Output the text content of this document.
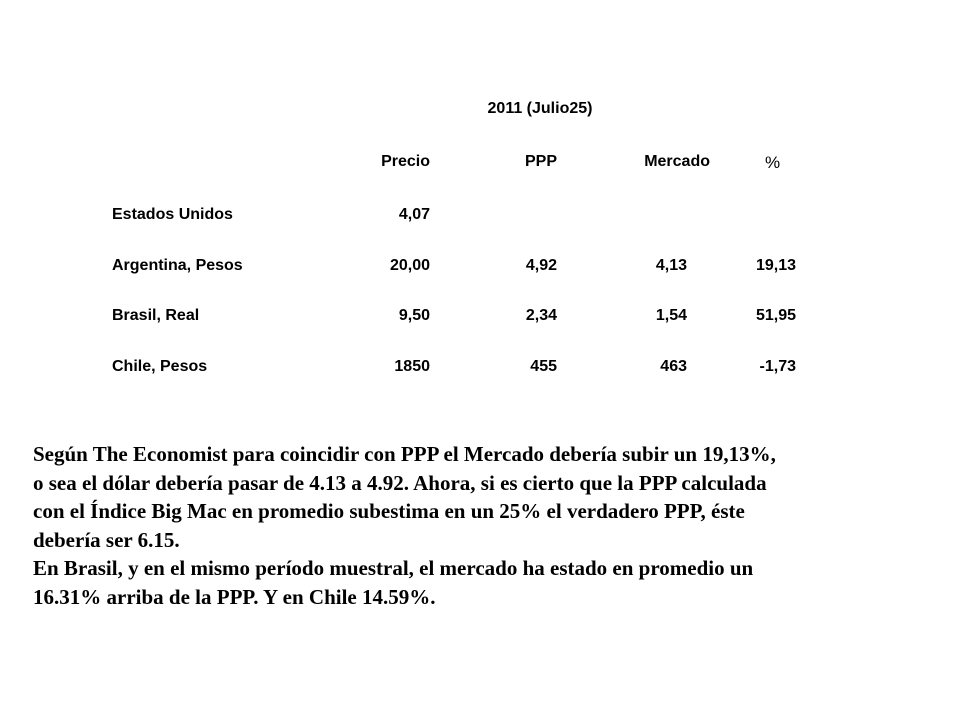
2011 (Julio25)
Precio	PPP	Mercado	%
Estados Unidos	4,07
Argentina, Pesos	20,00	4,92	4,13	19,13
Brasil, Real	9,50	2,34	1,54	51,95
Chile, Pesos	1850	455	463	-1,73
Según The Economist para coincidir con PPP el Mercado debería subir un 19,13%,
o sea el dólar debería pasar de 4.13 a 4.92. Ahora, si es cierto que la PPP calculada
con el Índice Big Mac en promedio subestima en un 25% el verdadero PPP, éste
debería ser 6.15.
En Brasil, y en el mismo período muestral, el mercado ha estado en promedio un
16.31% arriba de la PPP. Y en Chile 14.59%.
